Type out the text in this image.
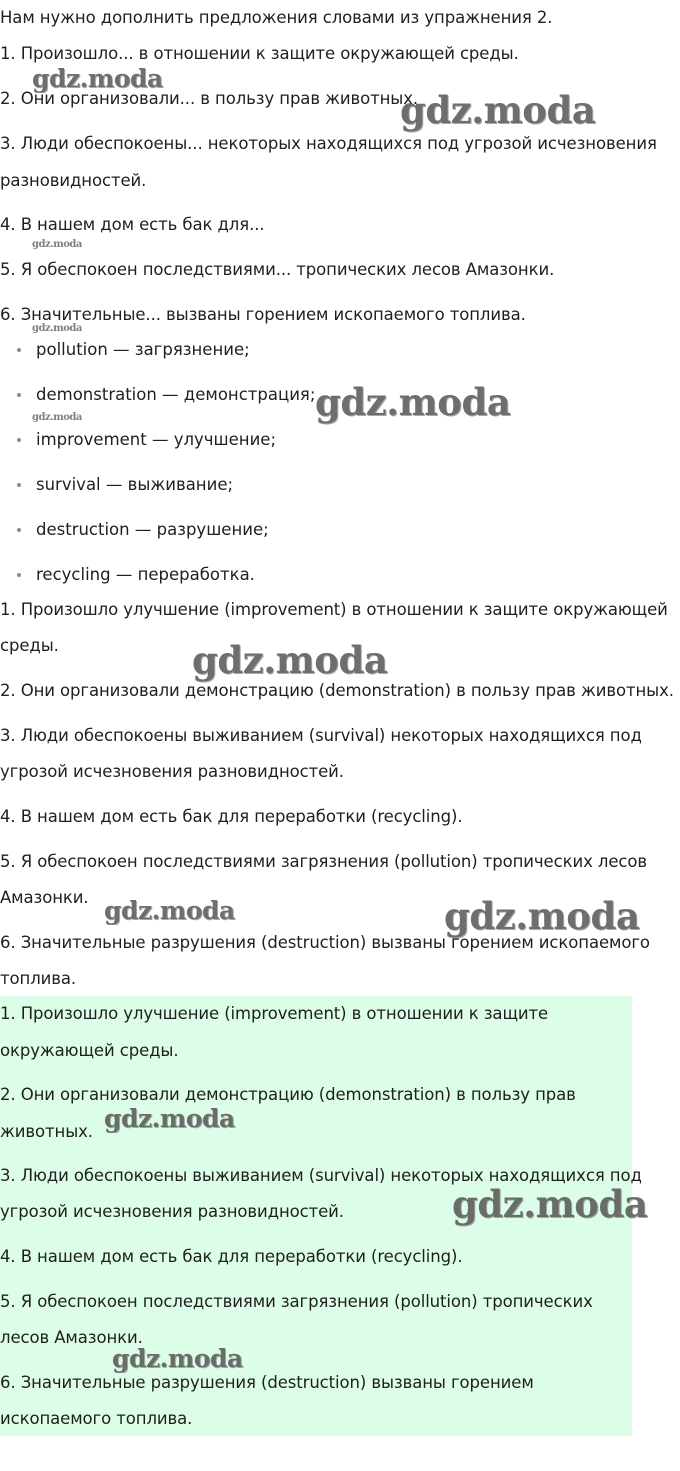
Нам нужно дополнить предложения словами из упражнения 2.
1. Произошло... в отношении к защите окружающей среды.
2. Они организовали... в пользу прав животных.
3. Люди обеспокоены... некоторых находящихся под угрозой исчезновения
разновидностей.
4. В нашем дом есть бак для...
5. Я обеспокоен последствиями... тропических лесов Амазонки.
6. Значительные... вызваны горением ископаемого топлива.
pollution — загрязнение;
demonstration — демонстрация;
improvement — улучшение;
survival — выживание;
destruction — разрушение;
recycling — переработка.
1. Произошло улучшение (improvement) в отношении к защите окружающей
среды.
2. Они организовали демонстрацию (demonstration) в пользу прав животных.
3. Люди обеспокоены выживанием (survival) некоторых находящихся под
угрозой исчезновения разновидностей.
4. В нашем дом есть бак для переработки (recycling).
5. Я обеспокоен последствиями загрязнения (pollution) тропических лесов
Амазонки.
6. Значительные разрушения (destruction) вызваны горением ископаемого
топлива.
1. Произошло улучшение (improvement) в отношении к защите
окружающей среды.
2. Они организовали демонстрацию (demonstration) в пользу прав
животных.
3. Люди обеспокоены выживанием (survival) некоторых находящихся под
угрозой исчезновения разновидностей.
4. В нашем дом есть бак для переработки (recycling).
5. Я обеспокоен последствиями загрязнения (pollution) тропических
лесов Амазонки.
6. Значительные разрушения (destruction) вызваны горением
ископаемого топлива.
gdz.moda
gdz.moda
gdz.moda
gdz.moda
gdz.moda
gdz.moda
gdz.moda
gdz.moda	gdz.moda
gdz.moda
gdz.moda
gdz.moda
